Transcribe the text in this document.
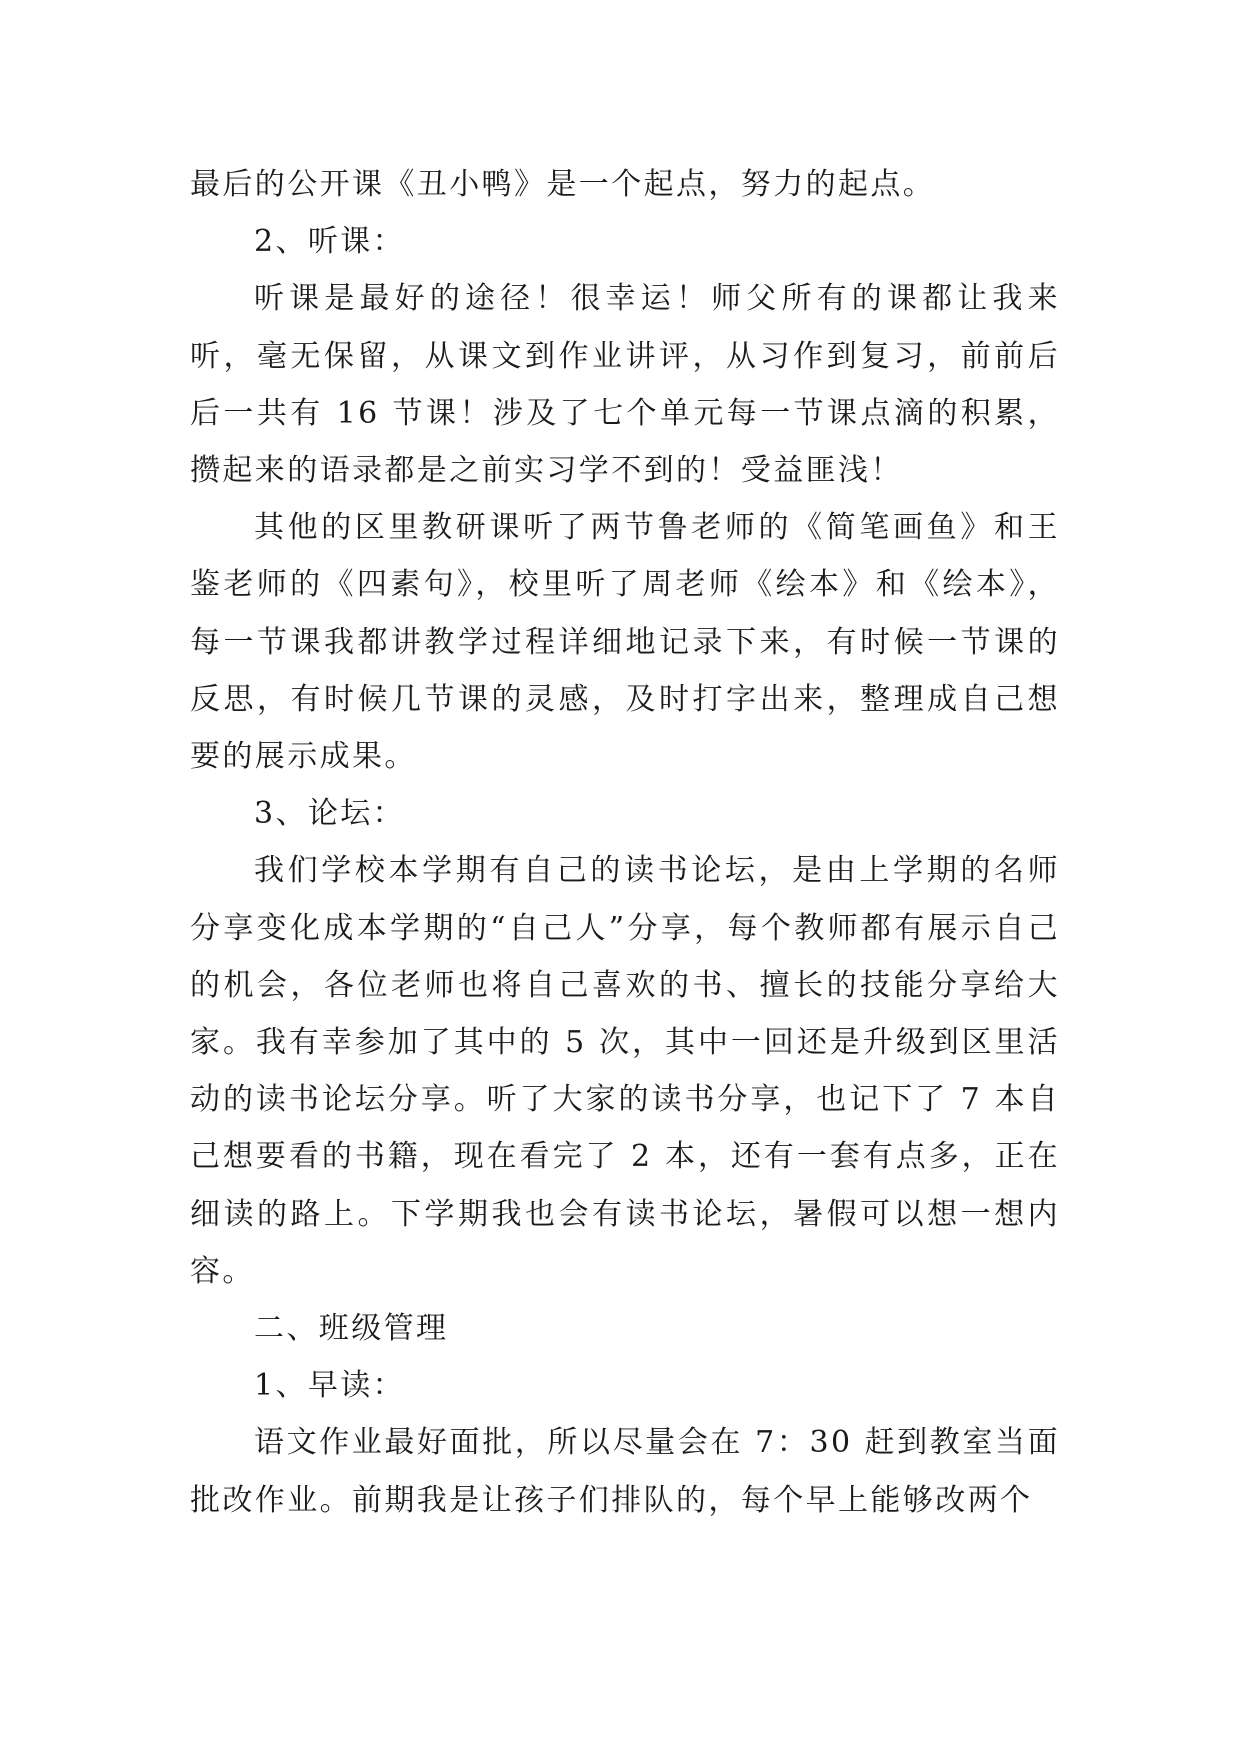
最后的公开课《丑小鸭》是一个起点，努力的起点。

2、听课：

听课是最好的途径！很幸运！师父所有的课都让我来听，毫无保留，从课文到作业讲评，从习作到复习，前前后后一共有 16 节课！涉及了七个单元每一节课点滴的积累，攒起来的语录都是之前实习学不到的！受益匪浅！

其他的区里教研课听了两节鲁老师的《简笔画鱼》和王鉴老师的《四素句》，校里听了周老师《绘本》和《绘本》，每一节课我都讲教学过程详细地记录下来，有时候一节课的反思，有时候几节课的灵感，及时打字出来，整理成自己想要的展示成果。

3、论坛：

我们学校本学期有自己的读书论坛，是由上学期的名师分享变化成本学期的“自己人”分享，每个教师都有展示自己的机会，各位老师也将自己喜欢的书、擅长的技能分享给大家。我有幸参加了其中的 5 次，其中一回还是升级到区里活动的读书论坛分享。听了大家的读书分享，也记下了 7 本自己想要看的书籍，现在看完了 2 本，还有一套有点多，正在细读的路上。下学期我也会有读书论坛，暑假可以想一想内容。

二、班级管理

1、早读：

语文作业最好面批，所以尽量会在 7：30 赶到教室当面批改作业。前期我是让孩子们排队的，每个早上能够改两个
